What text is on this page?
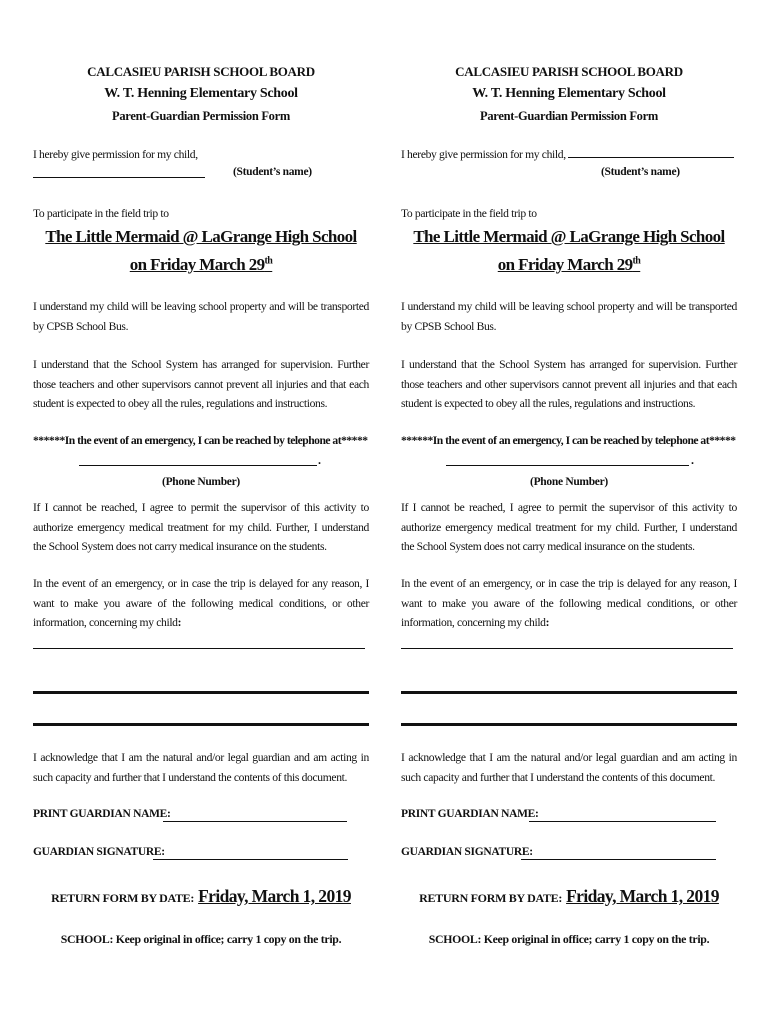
CALCASIEU PARISH SCHOOL BOARD
W. T. Henning Elementary School
Parent-Guardian Permission Form
I hereby give permission for my child,
(Student’s name)
To participate in the field trip to
The Little Mermaid @ LaGrange High School
on Friday March 29th
I understand my child will be leaving school property and will be transported by CPSB School Bus.
I understand that the School System has arranged for supervision. Further those teachers and other supervisors cannot prevent all injuries and that each student is expected to obey all the rules, regulations and instructions.
******In the event of an emergency, I can be reached by telephone at*****
.
(Phone Number)
If I cannot be reached, I agree to permit the supervisor of this activity to authorize emergency medical treatment for my child. Further, I understand the School System does not carry medical insurance on the students.
In the event of an emergency, or in case the trip is delayed for any reason, I want to make you aware of the following medical conditions, or other information, concerning my child:
I acknowledge that I am the natural and/or legal guardian and am acting in such capacity and further that I understand the contents of this document.
PRINT GUARDIAN NAME:
GUARDIAN SIGNATURE:
RETURN FORM BY DATE: Friday, March 1, 2019
SCHOOL: Keep original in office; carry 1 copy on the trip.
CALCASIEU PARISH SCHOOL BOARD
W. T. Henning Elementary School
Parent-Guardian Permission Form
I hereby give permission for my child,
(Student’s name)
To participate in the field trip to
The Little Mermaid @ LaGrange High School
on Friday March 29th
I understand my child will be leaving school property and will be transported by CPSB School Bus.
I understand that the School System has arranged for supervision. Further those teachers and other supervisors cannot prevent all injuries and that each student is expected to obey all the rules, regulations and instructions.
******In the event of an emergency, I can be reached by telephone at*****
.
(Phone Number)
If I cannot be reached, I agree to permit the supervisor of this activity to authorize emergency medical treatment for my child. Further, I understand the School System does not carry medical insurance on the students.
In the event of an emergency, or in case the trip is delayed for any reason, I want to make you aware of the following medical conditions, or other information, concerning my child:
I acknowledge that I am the natural and/or legal guardian and am acting in such capacity and further that I understand the contents of this document.
PRINT GUARDIAN NAME:
GUARDIAN SIGNATURE:
RETURN FORM BY DATE: Friday, March 1, 2019
SCHOOL: Keep original in office; carry 1 copy on the trip.
